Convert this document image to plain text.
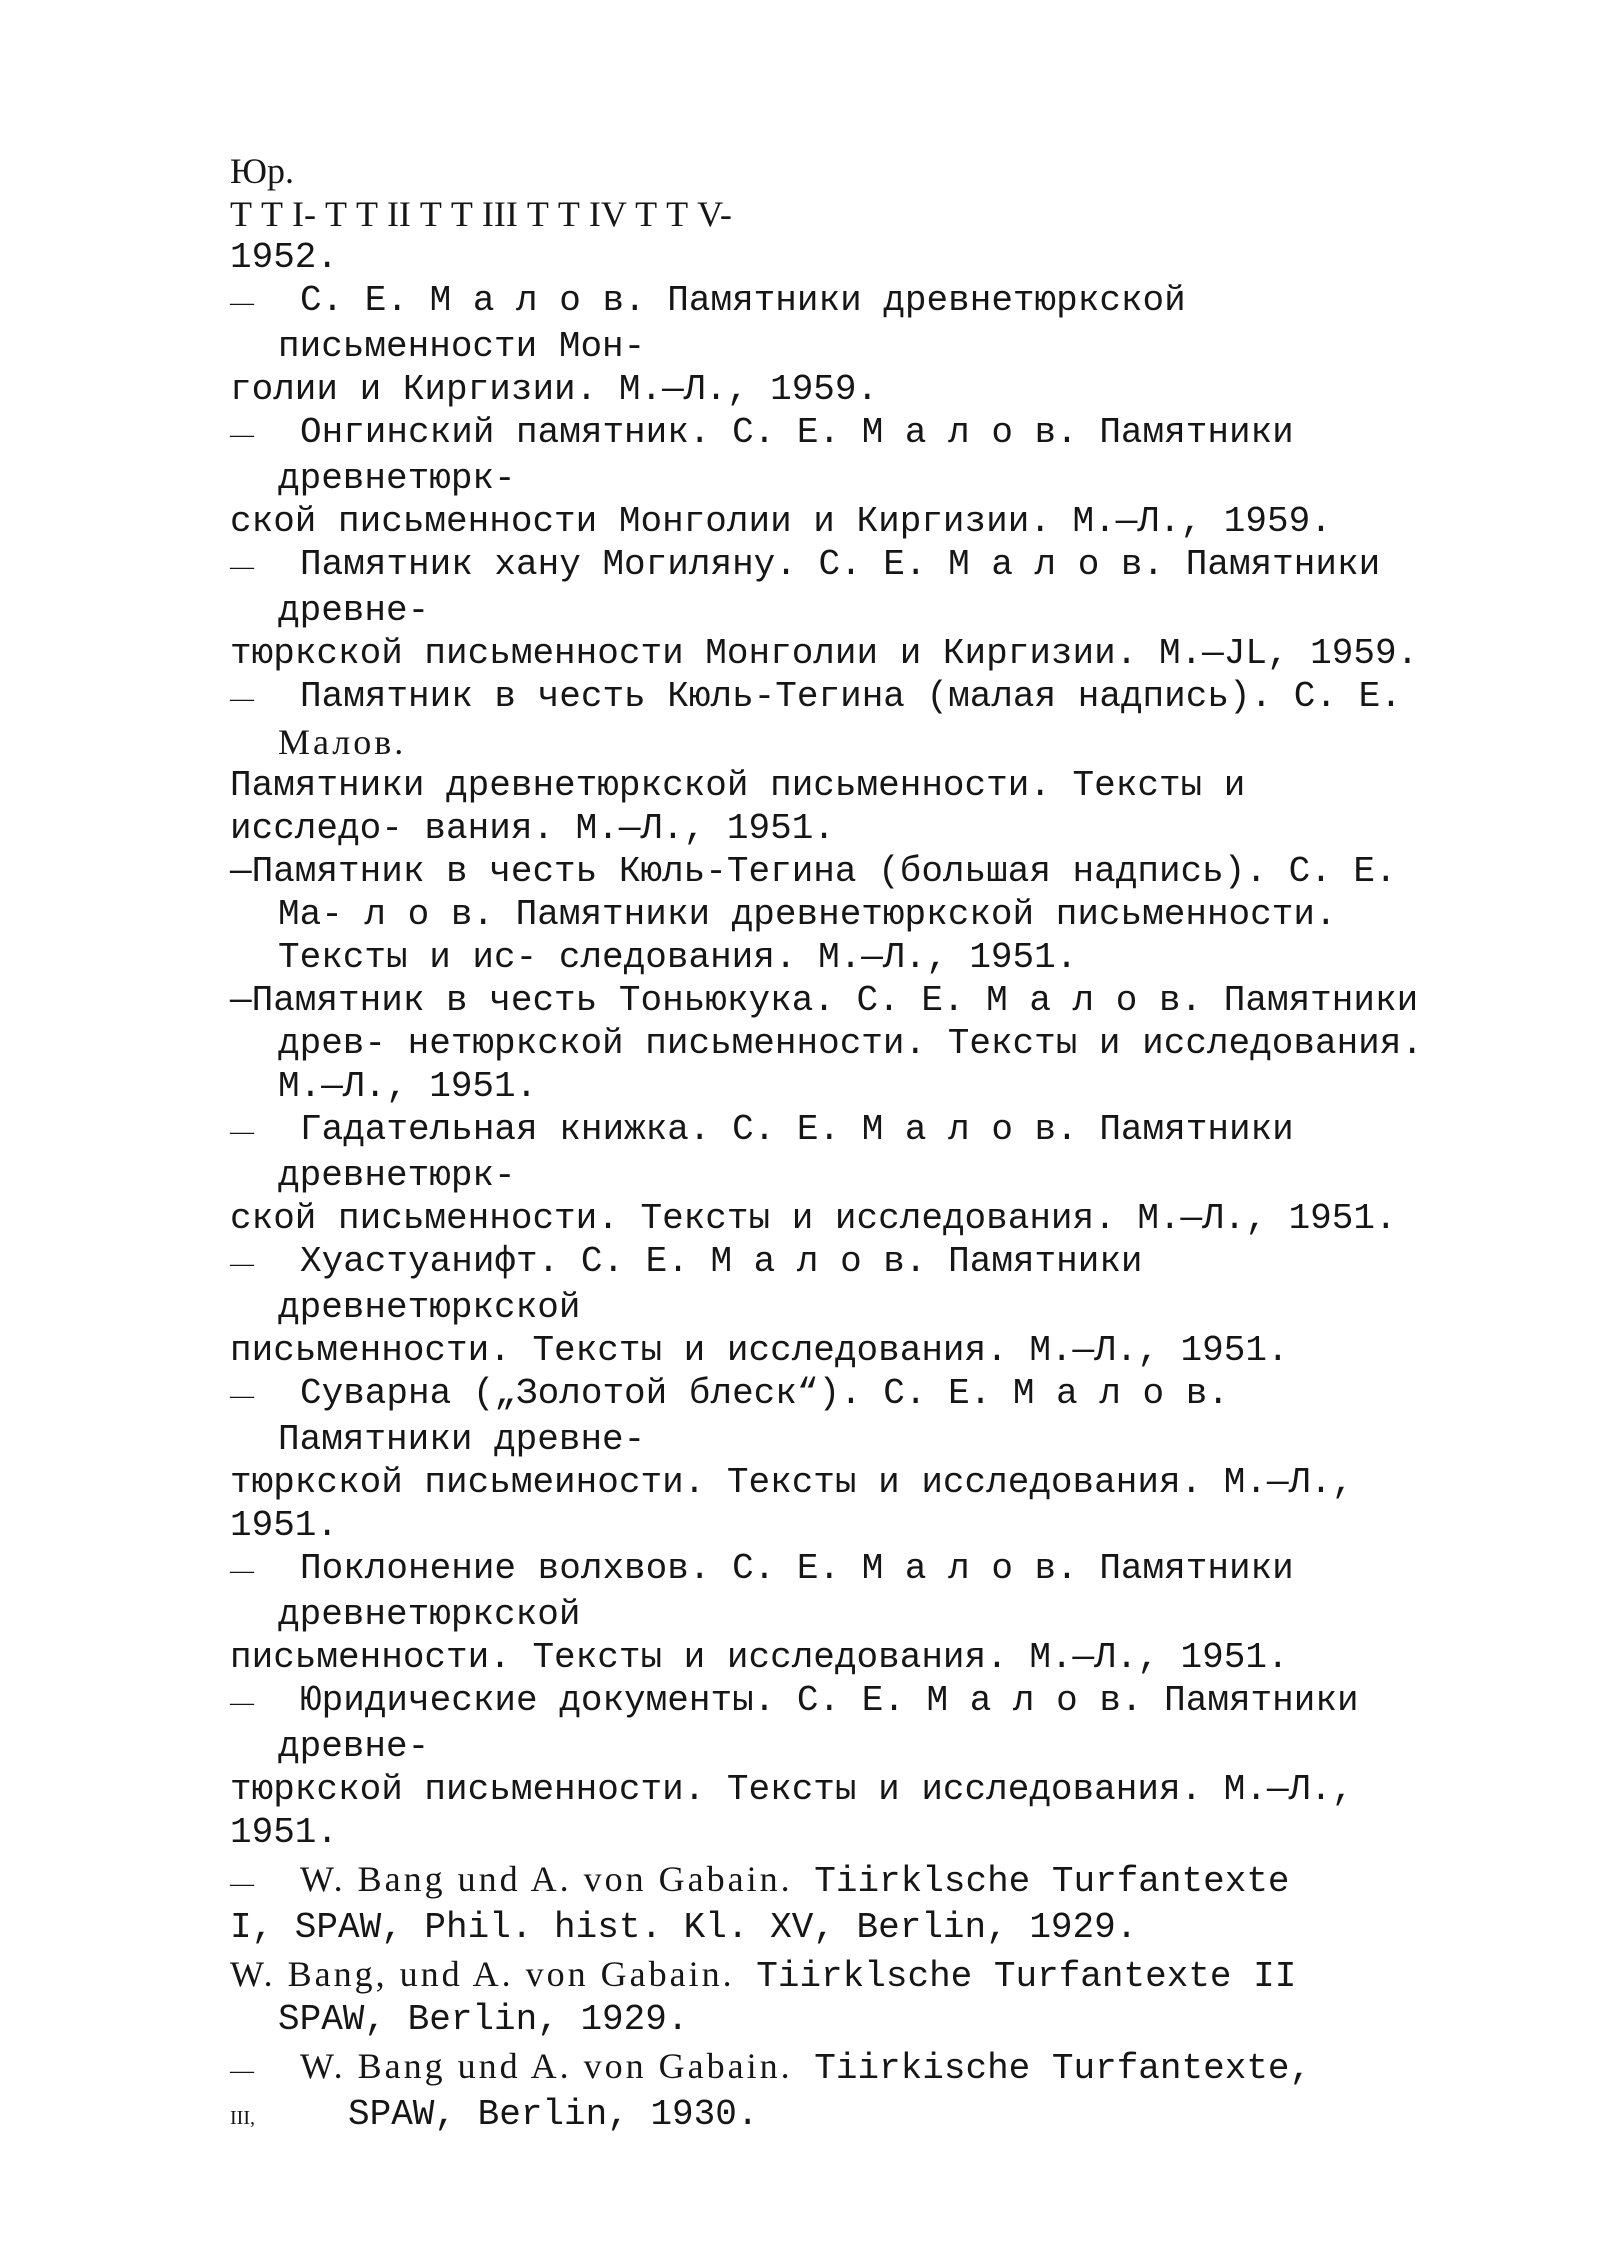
Юр.
Т Т I- Т Т II Т Т III Т Т IV Т Т V-
1952.
— С. Е. М а л о в. Памятники древнетюркской
письменности Мон-
голии и Киргизии. М.—Л., 1959.
— Онгинский памятник. С. Е. М а л о в. Памятники
древнетюрк-
ской письменности Монголии и Киргизии. М.—Л., 1959.
— Памятник хану Могиляну. С. Е. М а л о в. Памятники
древне-
тюркской письменности Монголии и Киргизии. М.—JL, 1959.
— Памятник в честь Кюль-Тегина (малая надпись). С. Е.
Малов.
Памятники древнетюркской письменности. Тексты и
исследо- вания. М.—Л., 1951.
—Памятник в честь Кюль-Тегина (большая надпись). С. Е.
Ма- л о в. Памятники древнетюркской письменности.
Тексты и ис- следования. М.—Л., 1951.
—Памятник в честь Тоньюкука. С. Е. М а л о в. Памятники
древ- нетюркской письменности. Тексты и исследования.
М.—Л., 1951.
— Гадательная книжка. С. Е. М а л о в. Памятники
древнетюрк-
ской письменности. Тексты и исследования. М.—Л., 1951.
— Хуастуанифт. С. Е. М а л о в. Памятники
древнетюркской
письменности. Тексты и исследования. М.—Л., 1951.
— Суварна („Золотой блеск“). С. Е. М а л о в.
Памятники древне-
тюркской письмеиности. Тексты и исследования. М.—Л.,
1951.
— Поклонение волхвов. С. Е. М а л о в. Памятники
древнетюркской
письменности. Тексты и исследования. М.—Л., 1951.
— Юридические документы. С. Е. М а л о в. Памятники
древне-
тюркской письменности. Тексты и исследования. М.—Л.,
1951.
— W. Bang und A. von Gabain. Tiirklsche Turfantexte
I, SPAW, Phil. hist. Kl. XV, Berlin, 1929.
W. Bang, und A. von Gabain. Tiirklsche Turfantexte II
SPAW, Berlin, 1929.
— W. Bang und A. von Gabain. Tiirkische Turfantexte,
III,	SPAW, Berlin, 1930.
